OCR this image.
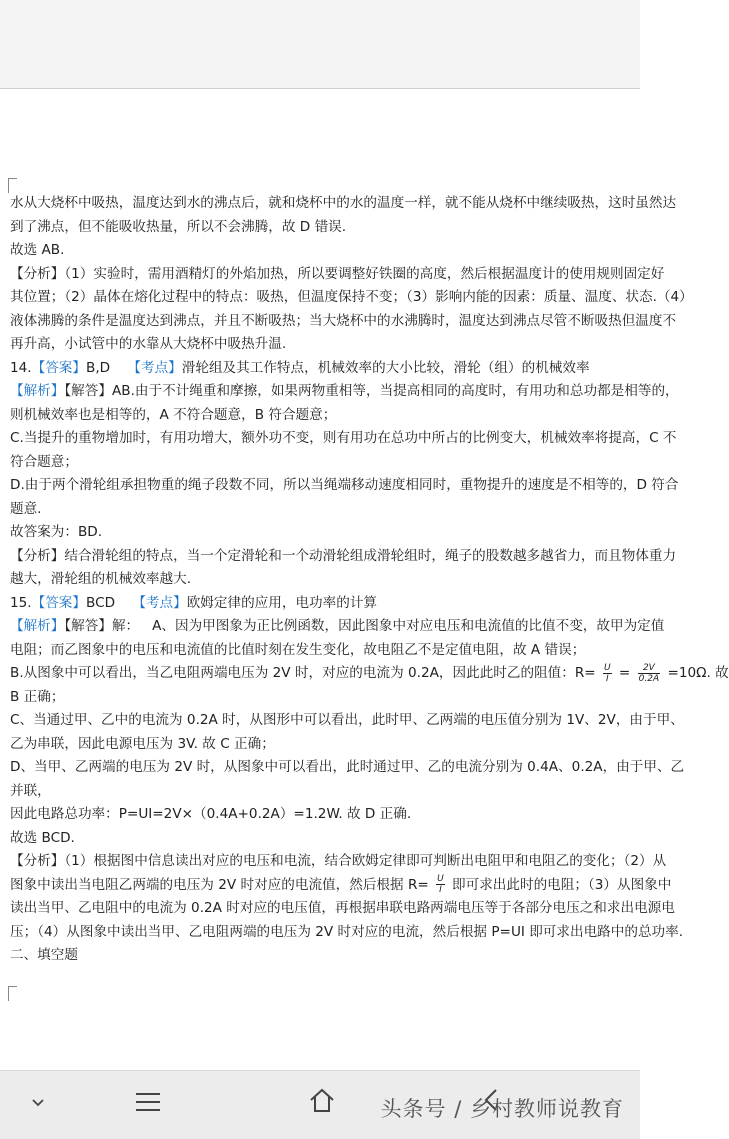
水从大烧杯中吸热，温度达到水的沸点后，就和烧杯中的水的温度一样，就不能从烧杯中继续吸热，这时虽然达
到了沸点，但不能吸收热量，所以不会沸腾，故 D 错误.
故选 AB.
【分析】（1）实验时，需用酒精灯的外焰加热，所以要调整好铁圈的高度，然后根据温度计的使用规则固定好
其位置；（2）晶体在熔化过程中的特点：吸热，但温度保持不变；（3）影响内能的因素：质量、温度、状态.（4）
液体沸腾的条件是温度达到沸点，并且不断吸热；当大烧杯中的水沸腾时，温度达到沸点尽管不断吸热但温度不
再升高，小试管中的水靠从大烧杯中吸热升温.
14.【答案】B,D    【考点】滑轮组及其工作特点，机械效率的大小比较，滑轮（组）的机械效率
【解析】【解答】AB.由于不计绳重和摩擦，如果两物重相等，当提高相同的高度时，有用功和总功都是相等的，
则机械效率也是相等的，A 不符合题意，B 符合题意；
C.当提升的重物增加时，有用功增大，额外功不变，则有用功在总功中所占的比例变大，机械效率将提高，C 不
符合题意；
D.由于两个滑轮组承担物重的绳子段数不同，所以当绳端移动速度相同时，重物提升的速度是不相等的，D 符合
题意.
故答案为：BD.
【分析】结合滑轮组的特点，当一个定滑轮和一个动滑轮组成滑轮组时，绳子的股数越多越省力，而且物体重力
越大，滑轮组的机械效率越大.
15.【答案】BCD    【考点】欧姆定律的应用，电功率的计算
【解析】【解答】解：   A、因为甲图象为正比例函数，因此图象中对应电压和电流值的比值不变，故甲为定值
电阻；而乙图象中的电压和电流值的比值时刻在发生变化，故电阻乙不是定值电阻，故 A 错误；
B.从图象中可以看出，当乙电阻两端电压为 2V 时，对应的电流为 0.2A，因此此时乙的阻值：$R= \frac{U}{I} = \frac{2V}{0.2A} =10\Omega$. 故
B 正确；
C、当通过甲、乙中的电流为 0.2A 时，从图形中可以看出，此时甲、乙两端的电压值分别为 1V、2V，由于甲、
乙为串联，因此电源电压为 3V. 故 C 正确；
D、当甲、乙两端的电压为 2V 时，从图象中可以看出，此时通过甲、乙的电流分别为 0.4A、0.2A，由于甲、乙
并联，
因此电路总功率：P=UI=2V×（0.4A+0.2A）=1.2W. 故 D 正确.
故选 BCD.
【分析】（1）根据图中信息读出对应的电压和电流，结合欧姆定律即可判断出电阻甲和电阻乙的变化；（2）从
图象中读出当电阻乙两端的电压为 2V 时对应的电流值，然后根据 $R= \frac{U}{I}$ 即可求出此时的电阻；（3）从图象中
读出当甲、乙电阻中的电流为 0.2A 时对应的电压值，再根据串联电路两端电压等于各部分电压之和求出电源电
压；（4）从图象中读出当甲、乙电阻两端的电压为 2V 时对应的电流，然后根据 P=UI 即可求出电路中的总功率.
二、填空题
头条号 / 乡村教师说教育
